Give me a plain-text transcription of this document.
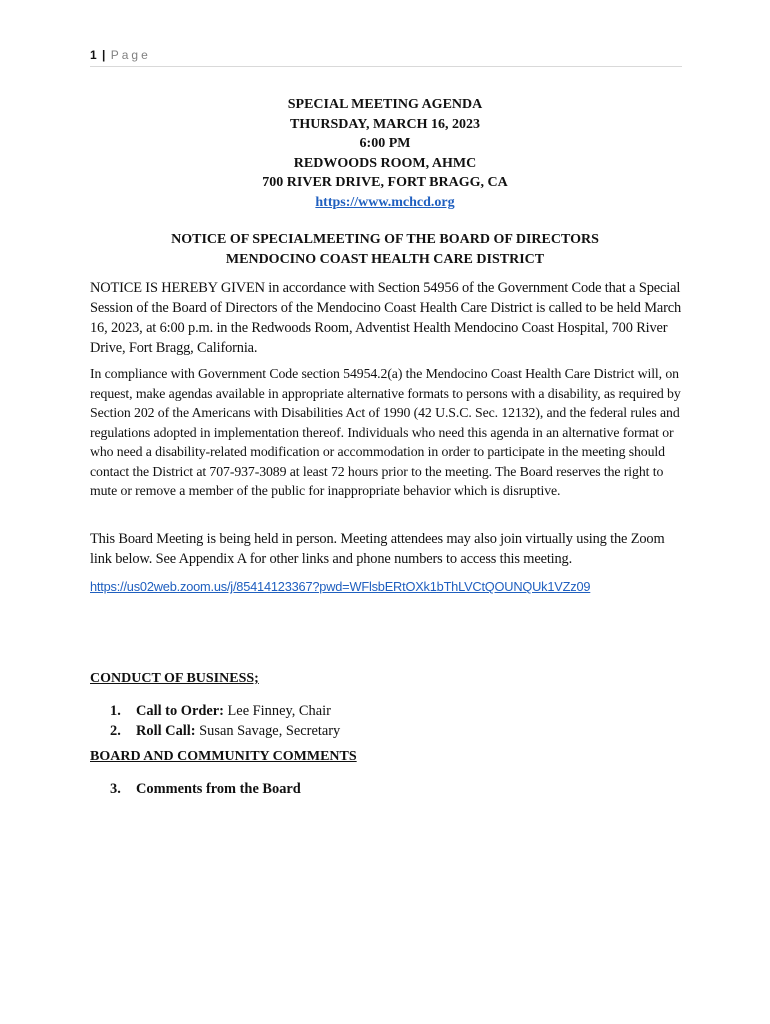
1 | Page
SPECIAL MEETING AGENDA
THURSDAY, MARCH 16, 2023
6:00 PM
REDWOODS ROOM, AHMC
700 RIVER DRIVE, FORT BRAGG, CA
https://www.mchcd.org
NOTICE OF SPECIALMEETING OF THE BOARD OF DIRECTORS
MENDOCINO COAST HEALTH CARE DISTRICT
NOTICE IS HEREBY GIVEN in accordance with Section 54956 of the Government Code that a Special Session of the Board of Directors of the Mendocino Coast Health Care District is called to be held March 16, 2023, at 6:00 p.m. in the Redwoods Room, Adventist Health Mendocino Coast Hospital, 700 River Drive, Fort Bragg, California.
In compliance with Government Code section 54954.2(a) the Mendocino Coast Health Care District will, on request, make agendas available in appropriate alternative formats to persons with a disability, as required by Section 202 of the Americans with Disabilities Act of 1990 (42 U.S.C. Sec. 12132), and the federal rules and regulations adopted in implementation thereof. Individuals who need this agenda in an alternative format or who need a disability-related modification or accommodation in order to participate in the meeting should contact the District at 707-937-3089 at least 72 hours prior to the meeting. The Board reserves the right to mute or remove a member of the public for inappropriate behavior which is disruptive.
This Board Meeting is being held in person. Meeting attendees may also join virtually using the Zoom link below. See Appendix A for other links and phone numbers to access this meeting.
https://us02web.zoom.us/j/85414123367?pwd=WFlsbERtOXk1bThLVCtQOUNQUk1VZz09
CONDUCT OF BUSINESS;
1. Call to Order: Lee Finney, Chair
2. Roll Call: Susan Savage, Secretary
BOARD AND COMMUNITY COMMENTS
3. Comments from the Board
